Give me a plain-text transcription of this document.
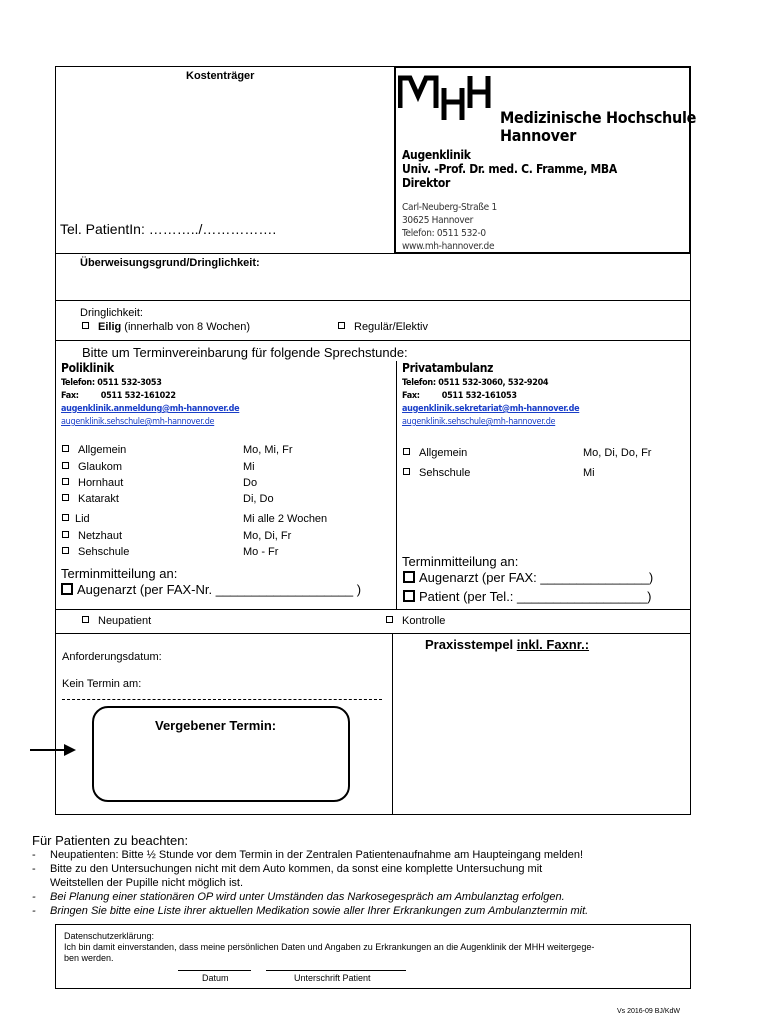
Kostenträger
Tel. PatientIn: ………../…………….
Medizinische Hochschule
Hannover
Augenklinik
Univ. -Prof. Dr. med. C. Framme, MBA
Direktor
Carl-Neuberg-Straße 1
30625 Hannover
Telefon: 0511 532-0
www.mh-hannover.de
Überweisungsgrund/Dringlichkeit:
Dringlichkeit:
Eilig (innerhalb von 8 Wochen)	Regulär/Elektiv
Bitte um Terminvereinbarung für folgende Sprechstunde:
Poliklinik
Telefon: 0511 532-3053
Fax: 0511 532-161022
augenklinik.anmeldung@mh-hannover.de
augenklinik.sehschule@mh-hannover.de
Allgemein	Mo, Mi, Fr
Glaukom	Mi
Hornhaut	Do
Katarakt	Di, Do
Lid	Mi alle 2 Wochen
Netzhaut	Mo, Di, Fr
Sehschule	Mo - Fr
Terminmitteilung an:
Augenarzt (per FAX-Nr. ___________________ )
Privatambulanz
Telefon: 0511 532-3060, 532-9204
Fax: 0511 532-161053
augenklinik.sekretariat@mh-hannover.de
augenklinik.sehschule@mh-hannover.de
Allgemein	Mo, Di, Do, Fr
Sehschule	Mi
Terminmitteilung an:
Augenarzt (per FAX: _______________)
Patient (per Tel.: __________________)
Neupatient	Kontrolle
Anforderungsdatum:
Kein Termin am:
Vergebener Termin:
Praxisstempel inkl. Faxnr.:
Für Patienten zu beachten:
- Neupatienten: Bitte ½ Stunde vor dem Termin in der Zentralen Patientenaufnahme am Haupteingang melden!
- Bitte zu den Untersuchungen nicht mit dem Auto kommen, da sonst eine komplette Untersuchung mit
Weitstellen der Pupille nicht möglich ist.
- Bei Planung einer stationären OP wird unter Umständen das Narkosegespräch am Ambulanztag erfolgen.
- Bringen Sie bitte eine Liste ihrer aktuellen Medikation sowie aller Ihrer Erkrankungen zum Ambulanztermin mit.
Datenschutzerklärung:
Ich bin damit einverstanden, dass meine persönlichen Daten und Angaben zu Erkrankungen an die Augenklinik der MHH weitergege-
ben werden.
Datum	Unterschrift Patient
Vs 2016-09 BJ/KdW
